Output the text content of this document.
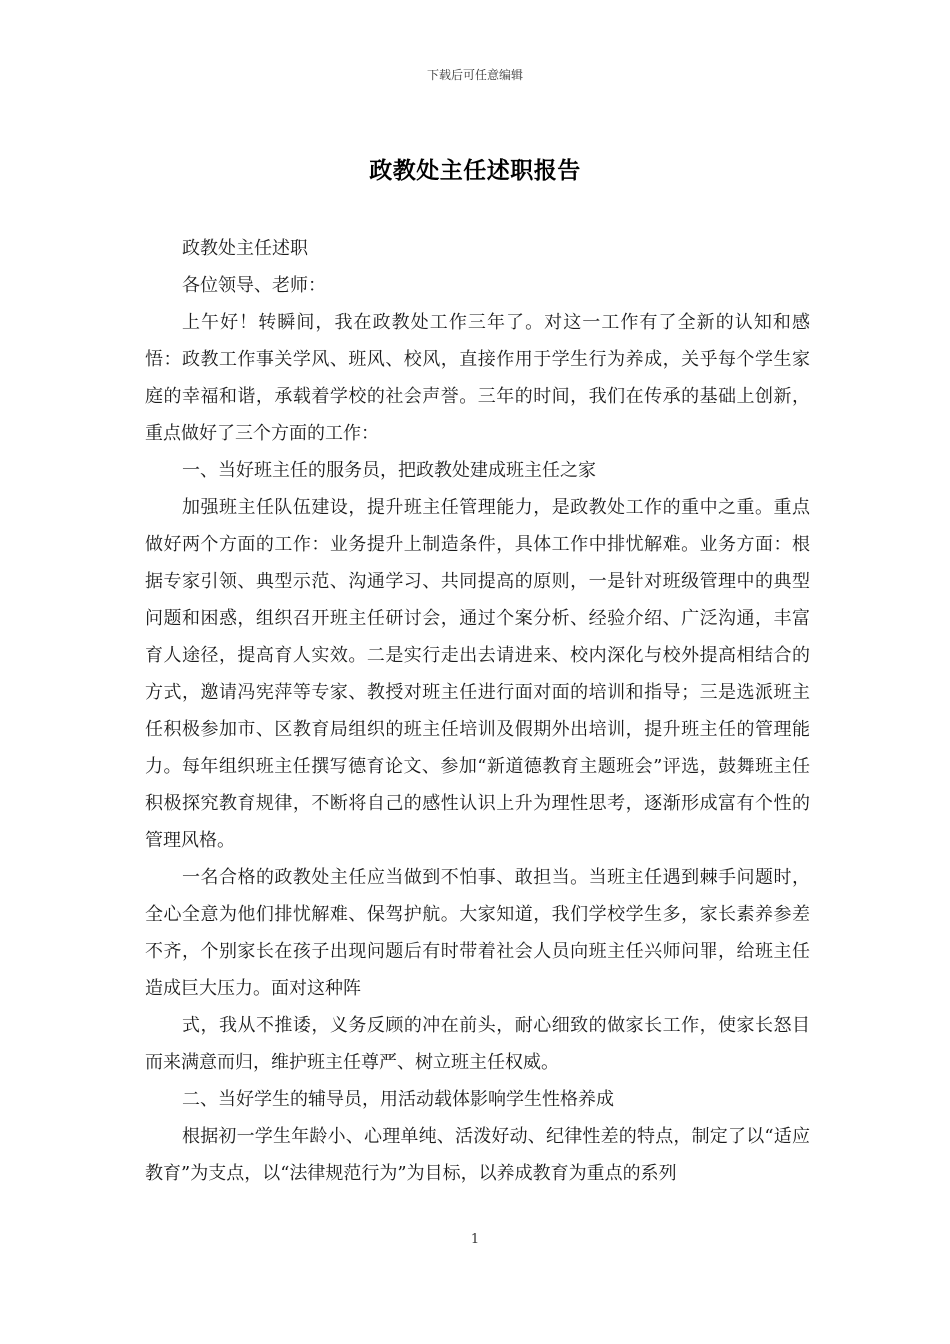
下载后可任意编辑
政教处主任述职报告

政教处主任述职

各位领导、老师：

上午好！转瞬间，我在政教处工作三年了。对这一工作有了全新的认知和感悟：政教工作事关学风、班风、校风，直接作用于学生行为养成，关乎每个学生家庭的幸福和谐，承载着学校的社会声誉。三年的时间，我们在传承的基础上创新，重点做好了三个方面的工作：

一、当好班主任的服务员，把政教处建成班主任之家

加强班主任队伍建设，提升班主任管理能力，是政教处工作的重中之重。重点做好两个方面的工作：业务提升上制造条件，具体工作中排忧解难。业务方面：根据专家引领、典型示范、沟通学习、共同提高的原则，一是针对班级管理中的典型问题和困惑，组织召开班主任研讨会，通过个案分析、经验介绍、广泛沟通，丰富育人途径，提高育人实效。二是实行走出去请进来、校内深化与校外提高相结合的方式，邀请冯宪萍等专家、教授对班主任进行面对面的培训和指导；三是选派班主任积极参加市、区教育局组织的班主任培训及假期外出培训，提升班主任的管理能力。每年组织班主任撰写德育论文、参加“新道德教育主题班会”评选，鼓舞班主任积极探究教育规律，不断将自己的感性认识上升为理性思考，逐渐形成富有个性的管理风格。

一名合格的政教处主任应当做到不怕事、敢担当。当班主任遇到棘手问题时，全心全意为他们排忧解难、保驾护航。大家知道，我们学校学生多，家长素养参差不齐，个别家长在孩子出现问题后有时带着社会人员向班主任兴师问罪，给班主任造成巨大压力。面对这种阵

式，我从不推诿，义务反顾的冲在前头，耐心细致的做家长工作，使家长怒目而来满意而归，维护班主任尊严、树立班主任权威。

二、当好学生的辅导员，用活动载体影响学生性格养成

根据初一学生年龄小、心理单纯、活泼好动、纪律性差的特点，制定了以“适应教育”为支点，以“法律规范行为”为目标，以养成教育为重点的系列

1
